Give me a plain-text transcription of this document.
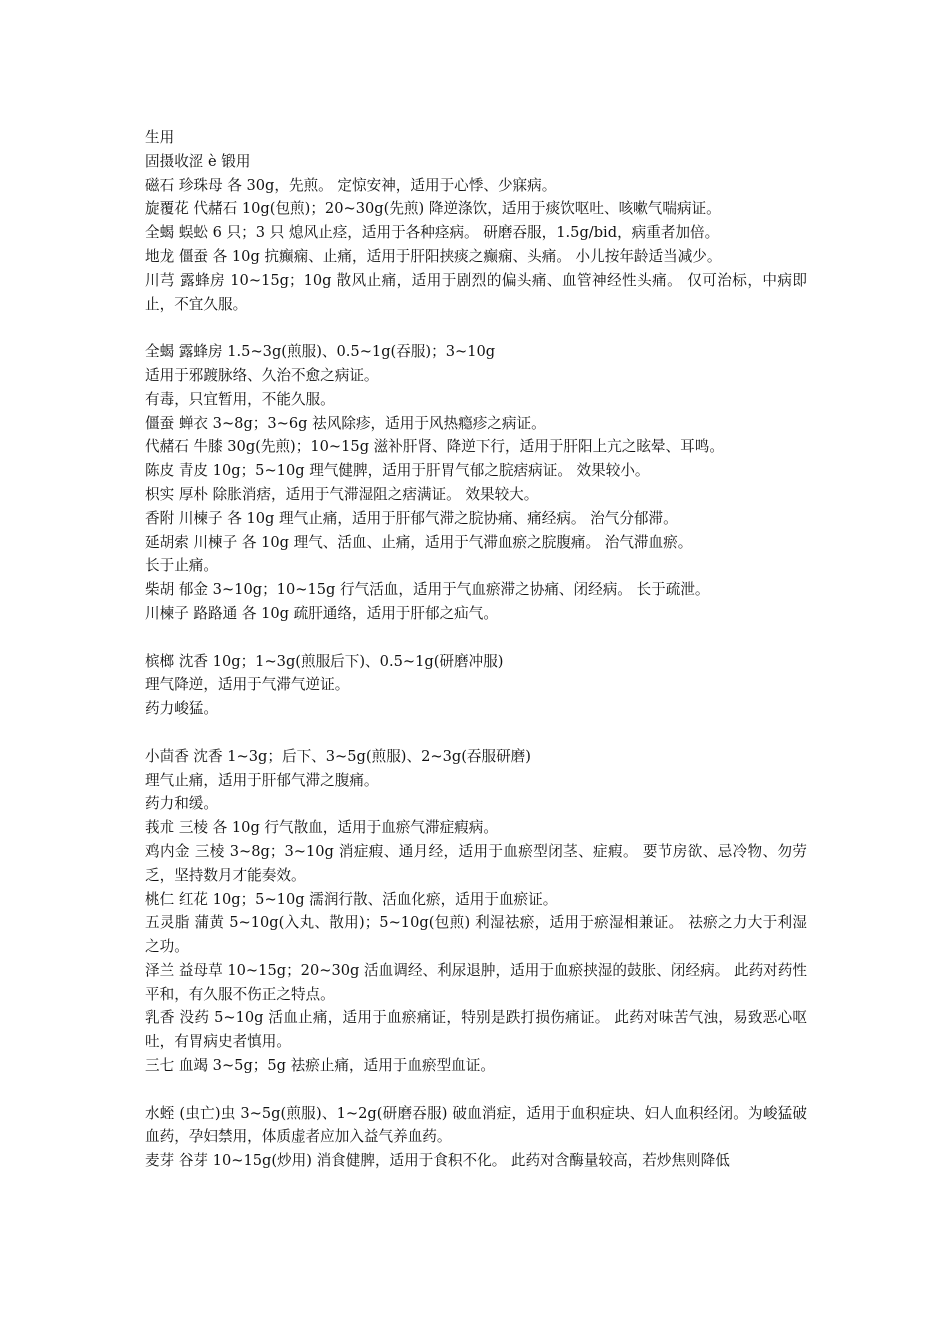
生用

固摄收涩 è 锻用

磁石 珍珠母 各 30g，先煎。 定惊安神，适用于心悸、少寐病。

旋覆花 代赭石 10g(包煎)；20~30g(先煎) 降逆涤饮，适用于痰饮呕吐、咳嗽气喘病证。

全蝎 蜈蚣 6 只；3 只 熄风止痉，适用于各种痉病。 研磨吞服，1.5g/bid，病重者加倍。

地龙 僵蚕 各 10g 抗癫痫、止痛，适用于肝阳挟痰之癫痫、头痛。 小儿按年龄适当减少。

川芎 露蜂房 10~15g；10g 散风止痛，适用于剧烈的偏头痛、血管神经性头痛。 仅可治标，中病即止，不宜久服。

全蝎 露蜂房 1.5~3g(煎服)、0.5~1g(吞服)；3~10g

适用于邪踱脉络、久治不愈之病证。

有毒，只宜暂用，不能久服。

僵蚕 蝉衣 3~8g；3~6g 祛风除疹，适用于风热瘾疹之病证。

代赭石 牛膝 30g(先煎)；10~15g 滋补肝肾、降逆下行，适用于肝阳上亢之眩晕、耳鸣。

陈皮 青皮 10g；5~10g 理气健脾，适用于肝胃气郁之脘痞病证。 效果较小。

枳实 厚朴 除胀消痞，适用于气滞湿阻之痞满证。 效果较大。

香附 川楝子 各 10g 理气止痛，适用于肝郁气滞之脘协痛、痛经病。 治气分郁滞。

延胡索 川楝子 各 10g 理气、活血、止痛，适用于气滞血瘀之脘腹痛。 治气滞血瘀。

长于止痛。

柴胡 郁金 3~10g；10~15g 行气活血，适用于气血瘀滞之协痛、闭经病。 长于疏泄。

川楝子 路路通 各 10g 疏肝通络，适用于肝郁之疝气。

槟榔 沈香 10g；1~3g(煎服后下)、0.5~1g(研磨冲服)

理气降逆，适用于气滞气逆证。

药力峻猛。

小茴香 沈香 1~3g；后下、3~5g(煎服)、2~3g(吞服研磨)

理气止痛，适用于肝郁气滞之腹痛。

药力和缓。

莪朮 三棱 各 10g 行气散血，适用于血瘀气滞症瘕病。

鸡内金 三棱 3~8g；3~10g 消症瘕、通月经，适用于血瘀型闭茎、症瘕。 要节房欲、忌冷物、勿劳乏，坚持数月才能奏效。

桃仁 红花 10g；5~10g 濡润行散、活血化瘀，适用于血瘀证。

五灵脂 蒲黄 5~10g(入丸、散用)；5~10g(包煎) 利湿祛瘀，适用于瘀湿相兼证。 祛瘀之力大于利湿之功。

泽兰 益母草 10~15g；20~30g 活血调经、利尿退肿，适用于血瘀挟湿的鼓胀、闭经病。 此药对药性平和，有久服不伤正之特点。

乳香 没药 5~10g 活血止痛，适用于血瘀痛证，特别是跌打损伤痛证。 此药对味苦气浊，易致恶心呕吐，有胃病史者慎用。

三七 血竭 3~5g；5g 祛瘀止痛，适用于血瘀型血证。

水蛭 (虫亡)虫 3~5g(煎服)、1~2g(研磨吞服) 破血消症，适用于血积症块、妇人血积经闭。为峻猛破血药，孕妇禁用，体质虚者应加入益气养血药。

麦芽 谷芽 10~15g(炒用) 消食健脾，适用于食积不化。 此药对含酶量较高，若炒焦则降低
